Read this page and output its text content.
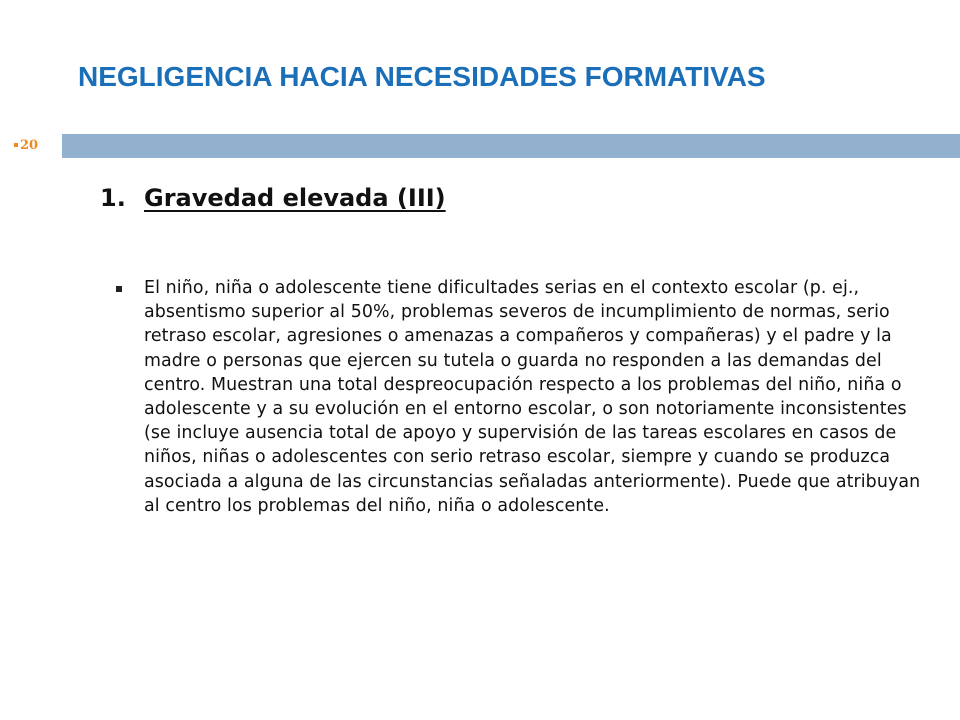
NEGLIGENCIA HACIA NECESIDADES FORMATIVAS
20
1. Gravedad elevada (III)

El niño, niña o adolescente tiene dificultades serias en el contexto escolar (p. ej., absentismo superior al 50%, problemas severos de incumplimiento de normas, serio retraso escolar, agresiones o amenazas a compañeros y compañeras) y el padre y la madre o personas que ejercen su tutela o guarda no responden a las demandas del centro. Muestran una total despreocupación respecto a los problemas del niño, niña o adolescente y a su evolución en el entorno escolar, o son notoriamente inconsistentes (se incluye ausencia total de apoyo y supervisión de las tareas escolares en casos de niños, niñas o adolescentes con serio retraso escolar, siempre y cuando se produzca asociada a alguna de las circunstancias señaladas anteriormente). Puede que atribuyan al centro los problemas del niño, niña o adolescente.
